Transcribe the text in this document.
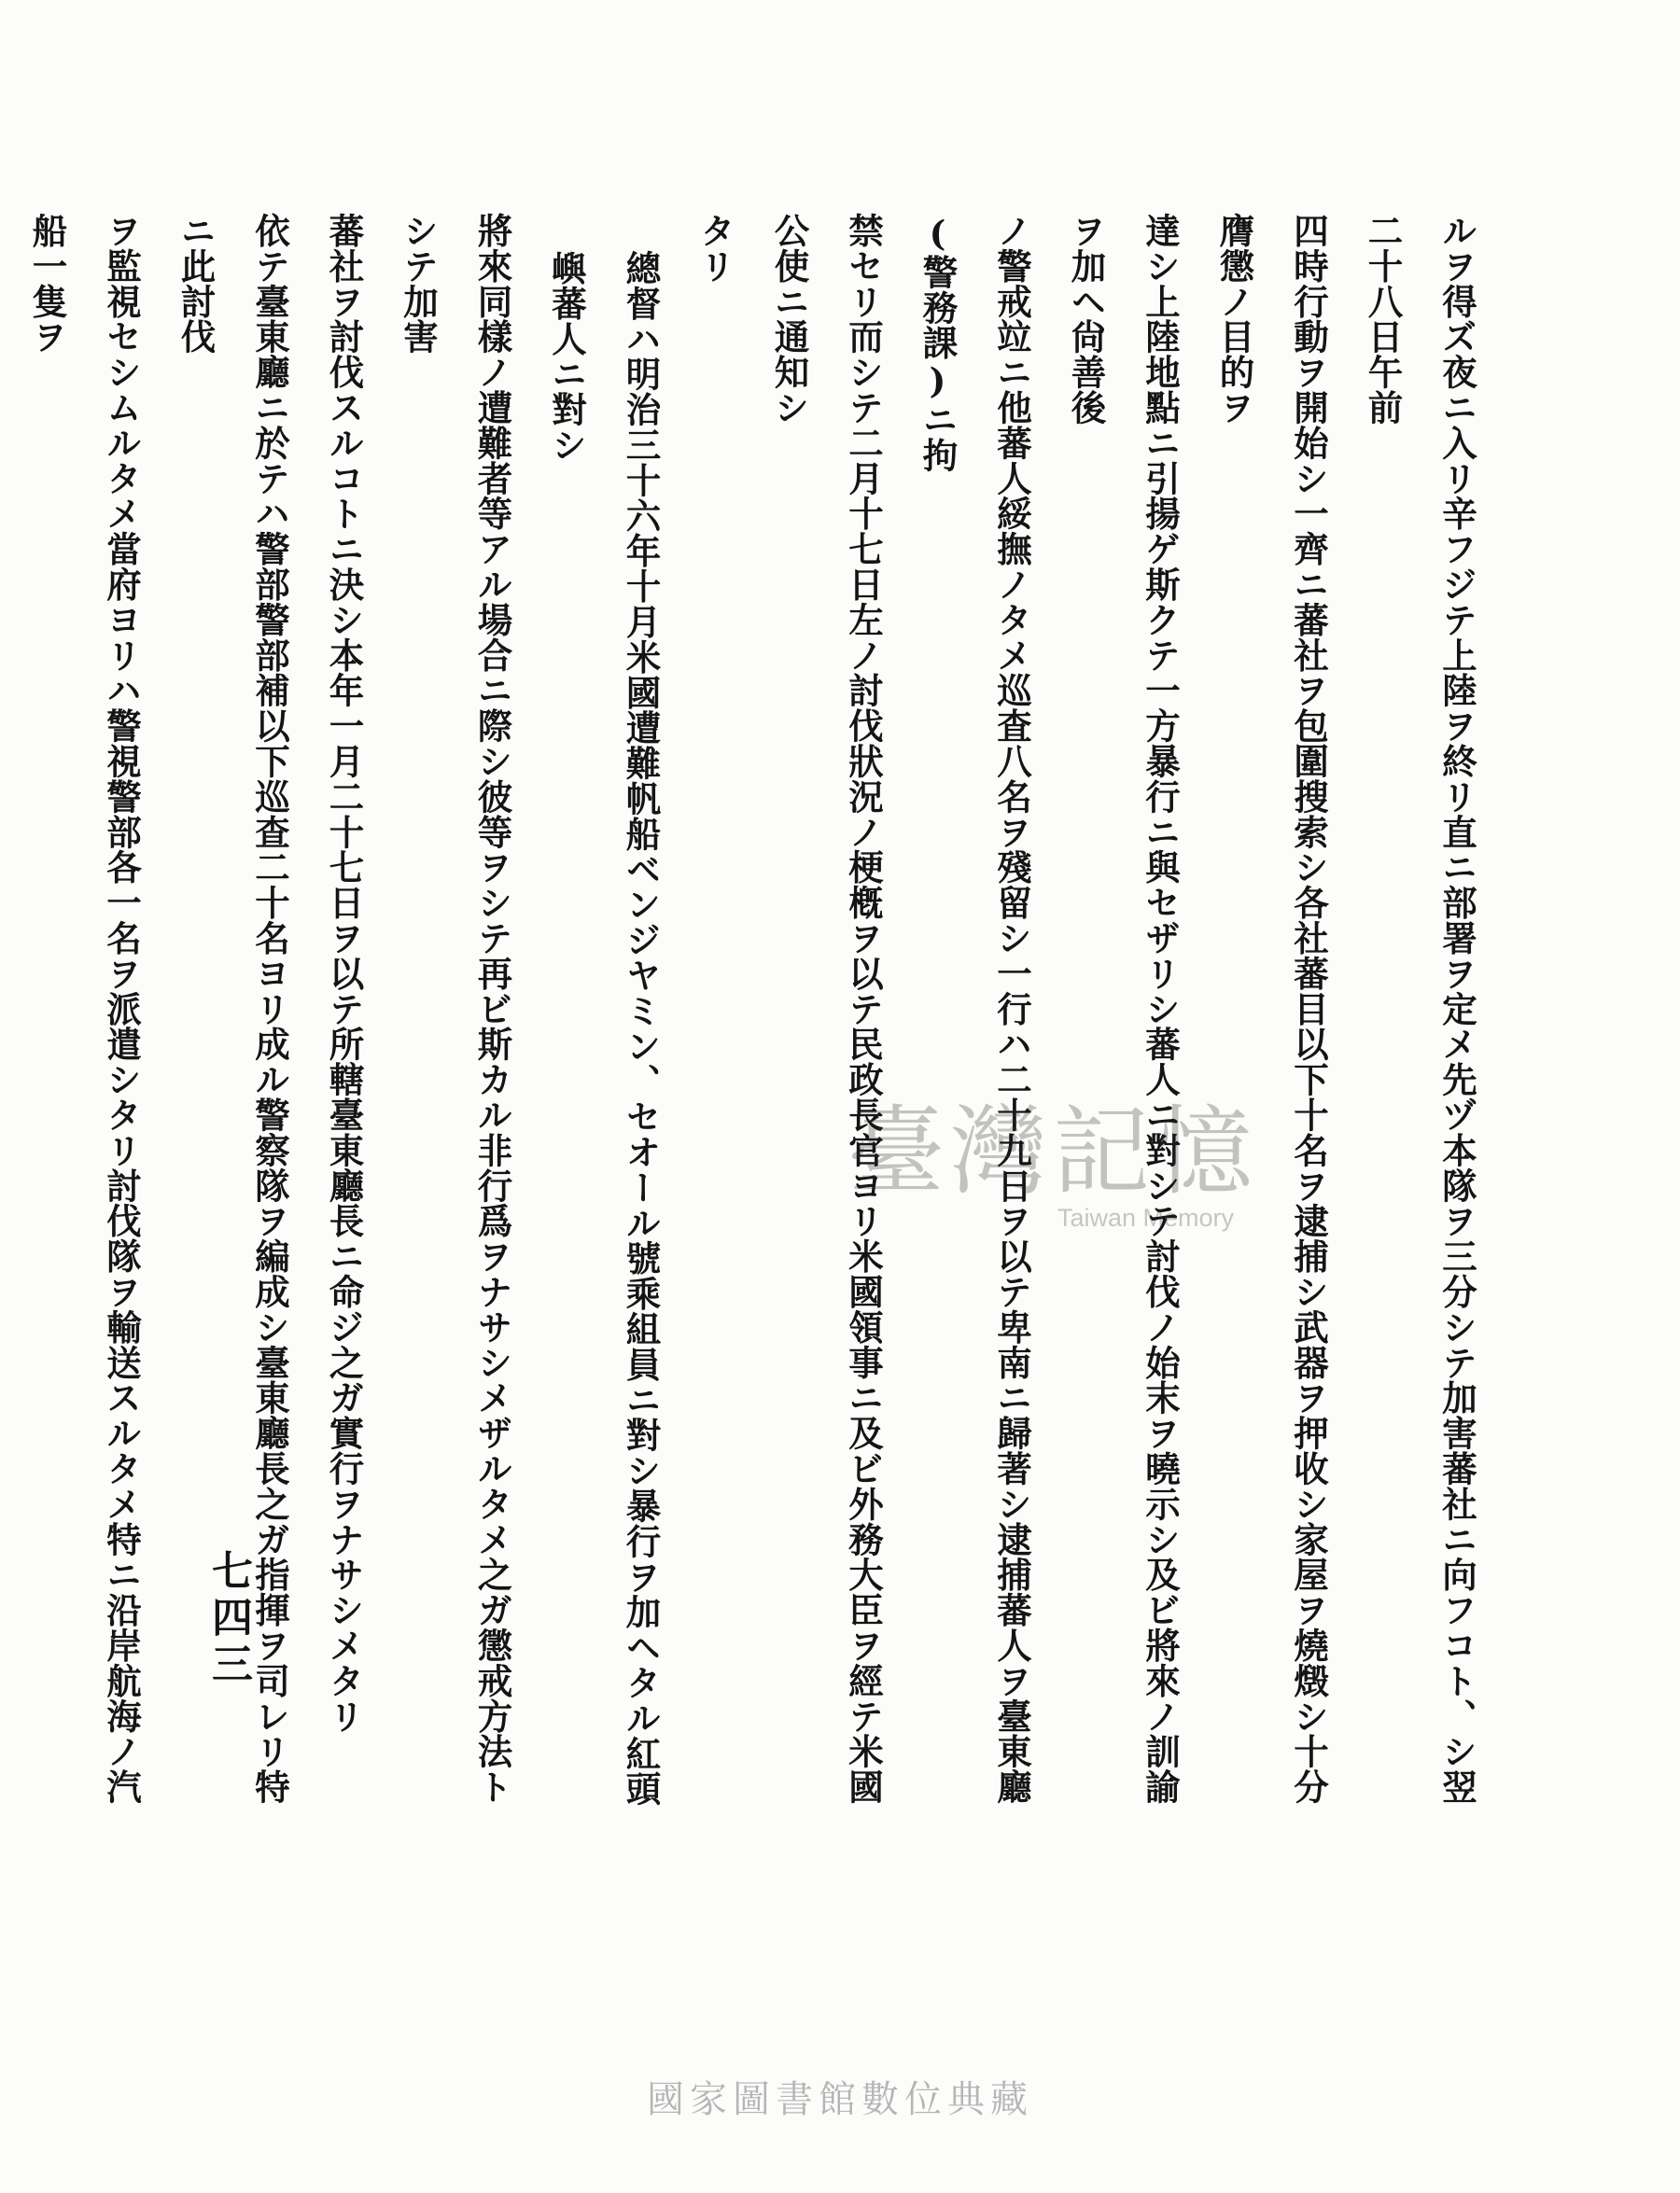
ルヲ得ズ夜ニ入リ辛フジテ上陸ヲ終リ直ニ部署ヲ定メ先ヅ本隊ヲ三分シテ加害蕃社ニ向フコト、シ翌二十八日午前
四時行動ヲ開始シ一齊ニ蕃社ヲ包圍搜索シ各社蕃目以下十名ヲ逮捕シ武器ヲ押收シ家屋ヲ燒燬シ十分膺懲ノ目的ヲ
達シ上陸地點ニ引揚ゲ斯クテ一方暴行ニ與セザリシ蕃人ニ對シテ討伐ノ始末ヲ曉示シ及ビ將來ノ訓諭ヲ加ヘ尙善後
ノ警戒竝ニ他蕃人綏撫ノタメ巡査八名ヲ殘留シ一行ハ二十九日ヲ以テ卑南ニ歸著シ逮捕蕃人ヲ臺東廳(警務課)ニ拘
禁セリ而シテ二月十七日左ノ討伐狀況ノ梗槪ヲ以テ民政長官ヨリ米國領事ニ及ビ外務大臣ヲ經テ米國公使ニ通知シ
タリ
總督ハ明治三十六年十月米國遭難帆船ベンジヤミン、セオール號乘組員ニ對シ暴行ヲ加ヘタル紅頭嶼蕃人ニ對シ
將來同樣ノ遭難者等アル場合ニ際シ彼等ヲシテ再ビ斯カル非行爲ヲナサシメザルタメ之ガ懲戒方法トシテ加害
蕃社ヲ討伐スルコトニ決シ本年一月二十七日ヲ以テ所轄臺東廳長ニ命ジ之ガ實行ヲナサシメタリ
依テ臺東廳ニ於テハ警部警部補以下巡查二十名ヨリ成ル警察隊ヲ編成シ臺東廳長之ガ指揮ヲ司レリ特ニ此討伐
ヲ監視セシムルタメ當府ヨリハ警視警部各一名ヲ派遣シタリ討伐隊ヲ輸送スルタメ特ニ沿岸航海ノ汽船一隻ヲ
七四三
臺灣記憶
Taiwan Memory
國家圖書館數位典藏
